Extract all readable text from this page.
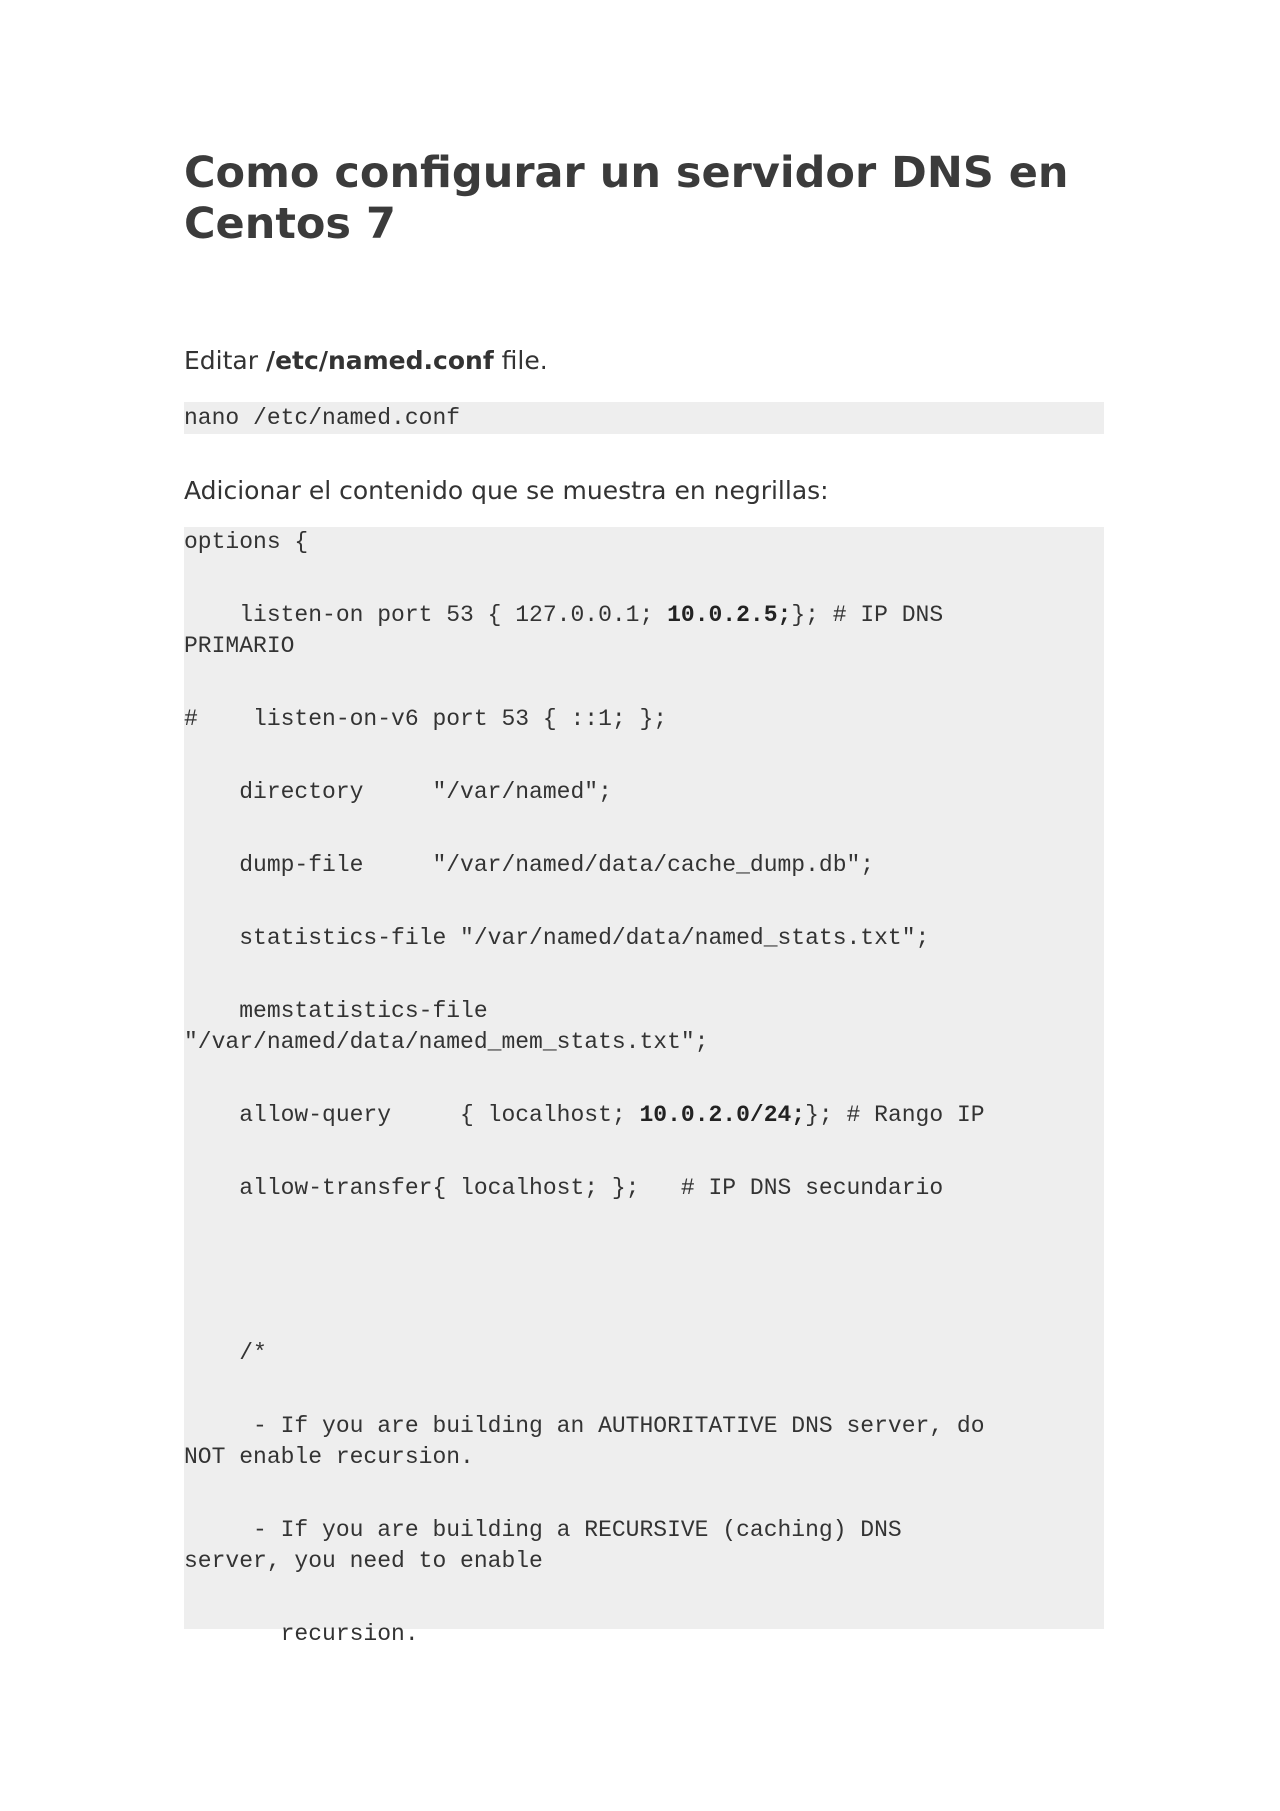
Como configurar un servidor DNS en Centos 7

Editar /etc/named.conf file.

nano /etc/named.conf

Adicionar el contenido que se muestra en negrillas:

options {
listen-on port 53 { 127.0.0.1; 10.0.2.5;}; # IP DNS
PRIMARIO
#    listen-on-v6 port 53 { ::1; };
directory     "/var/named";
dump-file     "/var/named/data/cache_dump.db";
statistics-file "/var/named/data/named_stats.txt";
memstatistics-file
"/var/named/data/named_mem_stats.txt";
allow-query     { localhost; 10.0.2.0/24;}; # Rango IP
allow-transfer{ localhost; };   # IP DNS secundario
/*
- If you are building an AUTHORITATIVE DNS server, do
NOT enable recursion.
- If you are building a RECURSIVE (caching) DNS
server, you need to enable
recursion.
